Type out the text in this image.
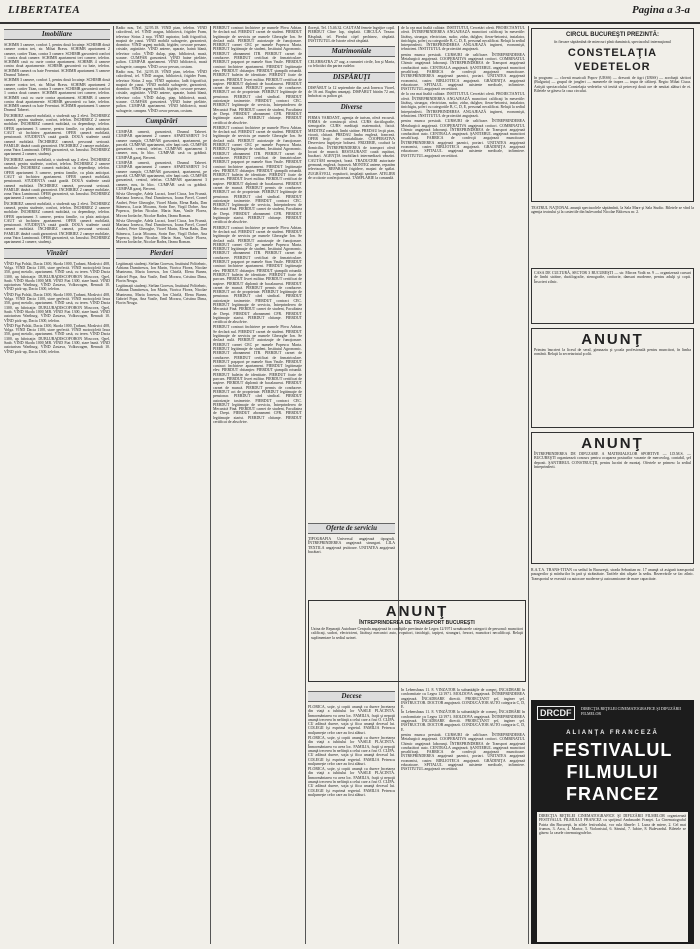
LIBERTATEA	Pagina a 3-a
Imobiliare

SCHIMB 3 camere, confort 1, pentru două locuinţe. SCHIMB două camere contra trei, str. Mihai Bravu. SCHIMB apartament 2 camere, cartier Titan, contra 3 camere. SCHIMB garsonieră confort 1 contra două camere. SCHIMB apartament trei camere, telefon. SCHIMB casă cu curte contra apartament. SCHIMB 4 camere contra două apartamente. SCHIMB garsonieră cu baie, telefon. SCHIMB cameră cu baie Ferentari. SCHIMB apartament 3 camere Drumul Taberei.

SCHIMB 3 camere, confort 1, pentru două locuinţe. SCHIMB două camere contra trei, str. Mihai Bravu. SCHIMB apartament 2 camere, cartier Titan, contra 3 camere. SCHIMB garsonieră confort 1 contra două camere. SCHIMB apartament trei camere, telefon. SCHIMB casă cu curte contra apartament. SCHIMB 4 camere contra două apartamente. SCHIMB garsonieră cu baie, telefon. SCHIMB cameră cu baie Ferentari. SCHIMB apartament 3 camere Drumul Taberei.

ÎNCHIRIEZ cameră mobilată, o studentă sau 2 elevi. ÎNCHIRIEZ cameră, pentru studente, confort, telefon. ÎNCHIRIEZ 2 camere mobilate. ÎNCHIRIEZ cameră mobilată, cu dependinţe, telefon. OFER apartament 3 camere, pentru familie, cu plata anticipat. CAUT să închiriez apartament. OFER cameră mobilată, pensionară. STUDENTĂ caută gazdă. DOUĂ studente caută cameră mobilată. ÎNCHIRIEZ cameră, persoană serioasă. FAMILIE tânără caută garsonieră. INCHIRIEZ 2 camere mobilate, zona Vatra Luminoasă. OFER garsonieră, str. Iancului. ÎNCHIRIEZ apartament 2 camere, studenţi.

ÎNCHIRIEZ cameră mobilată, o studentă sau 2 elevi. ÎNCHIRIEZ cameră, pentru studente, confort, telefon. ÎNCHIRIEZ 2 camere mobilate. ÎNCHIRIEZ cameră mobilată, cu dependinţe, telefon. OFER apartament 3 camere, pentru familie, cu plata anticipat. CAUT să închiriez apartament. OFER cameră mobilată, pensionară. STUDENTĂ caută gazdă. DOUĂ studente caută cameră mobilată. ÎNCHIRIEZ cameră, persoană serioasă. FAMILIE tânără caută garsonieră. INCHIRIEZ 2 camere mobilate, zona Vatra Luminoasă. OFER garsonieră, str. Iancului. ÎNCHIRIEZ apartament 2 camere, studenţi.

ÎNCHIRIEZ cameră mobilată, o studentă sau 2 elevi. ÎNCHIRIEZ cameră, pentru studente, confort, telefon. ÎNCHIRIEZ 2 camere mobilate. ÎNCHIRIEZ cameră mobilată, cu dependinţe, telefon. OFER apartament 3 camere, pentru familie, cu plata anticipat. CAUT să închiriez apartament. OFER cameră mobilată, pensionară. STUDENTĂ caută gazdă. DOUĂ studente caută cameră mobilată. ÎNCHIRIEZ cameră, persoană serioasă. FAMILIE tânără caută garsonieră. INCHIRIEZ 2 camere mobilate, zona Vatra Luminoasă. OFER garsonieră, str. Iancului. ÎNCHIRIEZ apartament 2 camere, studenţi.

Vînzări

VÎND Fiat Polski, Dacia 1300, Skoda 1000, Trabant, Moskvici 408, Volga. VÎND Dacia 1100, stare perfectă. VÎND motocicletă Iawa 350, garaj metalic, apartament. VÎND casă, cu teren. VÎND Dacia 1300, an fabricaţie. DUBLURADISCOFORON Moscova, Opel, Saab. VÎND Skoda 1000 MB. VÎND Fiat 1300, stare bună. VÎND autoturism Wartburg. VÎND Zastava, Volkswagen, Renault 10. VÎND pick-up, Dacia 1300, telefon.

VÎND Fiat Polski, Dacia 1300, Skoda 1000, Trabant, Moskvici 408, Volga. VÎND Dacia 1100, stare perfectă. VÎND motocicletă Iawa 350, garaj metalic, apartament. VÎND casă, cu teren. VÎND Dacia 1300, an fabricaţie. DUBLURADISCOFORON Moscova, Opel, Saab. VÎND Skoda 1000 MB. VÎND Fiat 1300, stare bună. VÎND autoturism Wartburg. VÎND Zastava, Volkswagen, Renault 10. VÎND pick-up, Dacia 1300, telefon.

VÎND Fiat Polski, Dacia 1300, Skoda 1000, Trabant, Moskvici 408, Volga. VÎND Dacia 1100, stare perfectă. VÎND motocicletă Iawa 350, garaj metalic, apartament. VÎND casă, cu teren. VÎND Dacia 1300, an fabricaţie. DUBLURADISCOFORON Moscova, Opel, Saab. VÎND Skoda 1000 MB. VÎND Fiat 1300, stare bună. VÎND autoturism Wartburg. VÎND Zastava, Volkswagen, Renault 10. VÎND pick-up, Dacia 1300, telefon.

Radio nou, Tel. 32.95.18. VÎND pian, telefon. VÎND caloriferul, tel. VÎND aragaz, bibliotecă, frigider Fram, televizor Sirius 2 nou. VÎND aspirator, ladă frigorifică, maşină de cusut. VÎND mobilă sufragerie, garsonieră, dormitor. VÎND urgent mobilă, frigider, covoare persane, cristale, argintărie. VÎND antene, aparate, haină blană, televizor color. VÎND dulap, pian, bibliotecă, masă, scaune. CUMPĂR garsonieră. VÎND haine pielărie, palton. CUMPĂR apartament. VÎND bibliotecă, masă sufragerie, canapea. VÎND covor persan, costum.

Radio nou, Tel. 32.95.18. VÎND pian, telefon. VÎND caloriferul, tel. VÎND aragaz, bibliotecă, frigider Fram, televizor Sirius 2 nou. VÎND aspirator, ladă frigorifică, maşină de cusut. VÎND mobilă sufragerie, garsonieră, dormitor. VÎND urgent mobilă, frigider, covoare persane, cristale, argintărie. VÎND antene, aparate, haină blană, televizor color. VÎND dulap, pian, bibliotecă, masă, scaune. CUMPĂR garsonieră. VÎND haine pielărie, palton. CUMPĂR apartament. VÎND bibliotecă, masă sufragerie, canapea. VÎND covor persan, costum.

Cumpărări

CUMPĂR cameră, garsonieră, Drumul Taberei. CUMPĂR apartament 2 camere. APARTAMENT 3-4 camere cumpăr. CUMPĂR garsonieră, apartament, pe parcelă. CUMPĂR apartament, ofer bani cash. CUMPĂR garsonieră, central, telefon. CUMPĂR apartament 3 camere, nou, în bloc. CUMPĂR casă cu grădină. CUMPĂR garaj, Berceni.

CUMPĂR cameră, garsonieră, Drumul Taberei. CUMPĂR apartament 2 camere. APARTAMENT 3-4 camere cumpăr. CUMPĂR garsonieră, apartament, pe parcelă. CUMPĂR apartament, ofer bani cash. CUMPĂR garsonieră, central, telefon. CUMPĂR apartament 3 camere, nou, în bloc. CUMPĂR casă cu grădină. CUMPĂR garaj, Berceni.

Silvia Gheorghe, Adela Lucaci, Ionel Ciuca, Ion Frunză, Mariana Ionescu, Paul Dumitrescu, Ioana Pavel, Cornel Andrei, Petre Gheorghe, Viorel Marin, Elena Radu, Dan Stănescu, Lucia Mocanu, Sorin Ene, Virgil Dobre, Ana Popescu, Ştefan Niculae, Maria Stan, Vasile Florea, Mircea Iordache, Nicolae Badea, Ileana Roman.

Silvia Gheorghe, Adela Lucaci, Ionel Ciuca, Ion Frunză, Mariana Ionescu, Paul Dumitrescu, Ioana Pavel, Cornel Andrei, Petre Gheorghe, Viorel Marin, Elena Radu, Dan Stănescu, Lucia Mocanu, Sorin Ene, Virgil Dobre, Ana Popescu, Ştefan Niculae, Maria Stan, Vasile Florea, Mircea Iordache, Nicolae Badea, Ileana Roman.

Pierderi

Legitimaţii studenţi. Stelian Gorescu, Institutul Politehnic, Adriana Dumitrescu, Ion Marin, Viorica Florea, Nicolae Munteanu, Maria Ionescu, Ion Chirilă, Elena Bunea, Gabriel Popa, Ana Vasile, Emil Moraru, Cristina Dima, Florin Neagu.

Legitimaţii studenţi. Stelian Gorescu, Institutul Politehnic, Adriana Dumitrescu, Ion Marin, Viorica Florea, Nicolae Munteanu, Maria Ionescu, Ion Chirilă, Elena Bunea, Gabriel Popa, Ana Vasile, Emil Moraru, Cristina Dima, Florin Neagu.

PIERDUT contract închiriere pe numele Pîrvu Adrian. Se declară nul. PIERDUT carnet de student. PIERDUT legitimaţie de serviciu pe numele Gheorghe Ion. Se declară nulă. PIERDUT autorizaţie de funcţionare. PIERDUT carnet CEC pe numele Popescu Maria. PIERDUT legitimaţie de student, Institutul Agronomic. PIERDUT abonament ITB. PIERDUT carnet de conducere. PIERDUT certificat de înmatriculare. PIERDUT paşaport pe numele Stan Vasile. PIERDUT contract închiriere apartament. PIERDUT legitimaţie elev. PIERDUT chitanţier. PIERDUT ştampilă rotundă. PIERDUT buletin de identitate. PIERDUT foaie de parcurs. PIERDUT livret militar. PIERDUT certificat de naştere. PIERDUT diplomă de bacalaureat. PIERDUT carnet de muncă. PIERDUT permis de conducere. PIERDUT act de proprietate. PIERDUT legitimaţie de pensionar. PIERDUT cârd sindical. PIERDUT autorizaţie taximetrie. PIERDUT contract CEC. PIERDUT legitimaţie de serviciu, Întreprinderea de Mecanică Fină. PIERDUT carnet de student, Facultatea de Drept. PIERDUT abonament CFR. PIERDUT legitimaţie ziarist. PIERDUT chitanţe. PIERDUT certificat de absolvire.

PIERDUT contract închiriere pe numele Pîrvu Adrian. Se declară nul. PIERDUT carnet de student. PIERDUT legitimaţie de serviciu pe numele Gheorghe Ion. Se declară nulă. PIERDUT autorizaţie de funcţionare. PIERDUT carnet CEC pe numele Popescu Maria. PIERDUT legitimaţie de student, Institutul Agronomic. PIERDUT abonament ITB. PIERDUT carnet de conducere. PIERDUT certificat de înmatriculare. PIERDUT paşaport pe numele Stan Vasile. PIERDUT contract închiriere apartament. PIERDUT legitimaţie elev. PIERDUT chitanţier. PIERDUT ştampilă rotundă. PIERDUT buletin de identitate. PIERDUT foaie de parcurs. PIERDUT livret militar. PIERDUT certificat de naştere. PIERDUT diplomă de bacalaureat. PIERDUT carnet de muncă. PIERDUT permis de conducere. PIERDUT act de proprietate. PIERDUT legitimaţie de pensionar. PIERDUT cârd sindical. PIERDUT autorizaţie taximetrie. PIERDUT contract CEC. PIERDUT legitimaţie de serviciu, Întreprinderea de Mecanică Fină. PIERDUT carnet de student, Facultatea de Drept. PIERDUT abonament CFR. PIERDUT legitimaţie ziarist. PIERDUT chitanţe. PIERDUT certificat de absolvire.

PIERDUT contract închiriere pe numele Pîrvu Adrian. Se declară nul. PIERDUT carnet de student. PIERDUT legitimaţie de serviciu pe numele Gheorghe Ion. Se declară nulă. PIERDUT autorizaţie de funcţionare. PIERDUT carnet CEC pe numele Popescu Maria. PIERDUT legitimaţie de student, Institutul Agronomic. PIERDUT abonament ITB. PIERDUT carnet de conducere. PIERDUT certificat de înmatriculare. PIERDUT paşaport pe numele Stan Vasile. PIERDUT contract închiriere apartament. PIERDUT legitimaţie elev. PIERDUT chitanţier. PIERDUT ştampilă rotundă. PIERDUT buletin de identitate. PIERDUT foaie de parcurs. PIERDUT livret militar. PIERDUT certificat de naştere. PIERDUT diplomă de bacalaureat. PIERDUT carnet de muncă. PIERDUT permis de conducere. PIERDUT act de proprietate. PIERDUT legitimaţie de pensionar. PIERDUT cârd sindical. PIERDUT autorizaţie taximetrie. PIERDUT contract CEC. PIERDUT legitimaţie de serviciu, Întreprinderea de Mecanică Fină. PIERDUT carnet de student, Facultatea de Drept. PIERDUT abonament CFR. PIERDUT legitimaţie ziarist. PIERDUT chitanţe. PIERDUT certificat de absolvire.

PIERDUT contract închiriere pe numele Pîrvu Adrian. Se declară nul. PIERDUT carnet de student. PIERDUT legitimaţie de serviciu pe numele Gheorghe Ion. Se declară nulă. PIERDUT autorizaţie de funcţionare. PIERDUT carnet CEC pe numele Popescu Maria. PIERDUT legitimaţie de student, Institutul Agronomic. PIERDUT abonament ITB. PIERDUT carnet de conducere. PIERDUT certificat de înmatriculare. PIERDUT paşaport pe numele Stan Vasile. PIERDUT contract închiriere apartament. PIERDUT legitimaţie elev. PIERDUT chitanţier. PIERDUT ştampilă rotundă. PIERDUT buletin de identitate. PIERDUT foaie de parcurs. PIERDUT livret militar. PIERDUT certificat de naştere. PIERDUT diplomă de bacalaureat. PIERDUT carnet de muncă. PIERDUT permis de conducere. PIERDUT act de proprietate. PIERDUT legitimaţie de pensionar. PIERDUT cârd sindical. PIERDUT autorizaţie taximetrie. PIERDUT contract CEC. PIERDUT legitimaţie de serviciu, Întreprinderea de Mecanică Fină. PIERDUT carnet de student, Facultatea de Drept. PIERDUT abonament CFR. PIERDUT legitimaţie ziarist. PIERDUT chitanţe. PIERDUT certificat de absolvire.

floreşti, Tel. 15.46.32. CAUTĂM femeie îngrijire copil. PIERDUT Cîine lup, răsplată. CIRCULA Tezaur. Răsplată, tel. Pierdut căţel pechinez, răsplată. INSTITUTUL de Istorie oferă răsplată.

Matrimoniale

CELEBRATRA 27 aug. a cununiei civile, Ion şi Maria, cu felicitări din partea rudelor.

DISPĂRUŢI

DISPĂRUT la 12 septembrie din casă Ionescu Viorel, de 16 ani. Rugăm anunţaţi. DISPĂRUT bătrân 72 ani, îmbrăcat cu palton gri.

Diverse

FIRMA VARDANT, agenţia de turism, oferă excursii. FIRMA de construcţii oferă. CURS dactilografie, stenografie. CURS meditaţii matematică, fizică. MEDITEZ română, limbi străine. PREDAU lecţii pian, vioară, chitară. PREDAU limba engleză, franceză. OFER lecţii de contabilitate. COOPERATIVA Deservirea îngrijeşte bolnavi. FRIZERIE, coafură la domiciliu. ÎNTREPRINDEREA de transport oferă locuri de muncă. RESTAURANT caută ospătari, bucătari. AGENŢIA imobiliară intermediază vânzări. CAUTĂM menajeră, bonă. TRADUCERI autorizate germană, engleză, franceză. MONTEZ antene, reparăm televizoare. REPARĂM frigidere, maşini de spălat. ZUGRĂVELI, vopsitorii, instalaţii sanitare. ATELIER de croitorie confecţionează. TÂMPLĂRIE la comandă.

ANUNŢ
ÎNTREPRINDEREA DE TRANSPORT BUCUREŞTI

Uzina de Reparaţii Autobuze Cenţrala angajează în condiţiile prevăzute de Legea 12/1971 următoarele categorii de personal: muncitori calificaţi, sudori, electricieni, lăcătuşi mecanici auto, vopsitori, tinichigii, tapiţeri, strungari, frezori, muncitori necalificaţi. Relaţii suplimentare la sediul uzinei.

Decese

FLORICA, soţie, şi copiii anunţă cu durere încetarea din viaţă a iubitului lor VASILE PLĂCINTĂ. Înmormântarea va avea loc. FAMILIA, fraţii şi nepoţii anunţă trecerea în nefiinţă a celui care a fost O. CLIPA. CU adâncă durere, soţia şi fiica anunţă decesul lui. COLEGII îşi exprimă regretul. FAMILIA Petrescu mulţumeşte celor care au fost alături.

FLORICA, soţie, şi copiii anunţă cu durere încetarea din viaţă a iubitului lor VASILE PLĂCINTĂ. Înmormântarea va avea loc. FAMILIA, fraţii şi nepoţii anunţă trecerea în nefiinţă a celui care a fost O. CLIPA. CU adâncă durere, soţia şi fiica anunţă decesul lui. COLEGII îşi exprimă regretul. FAMILIA Petrescu mulţumeşte celor care au fost alături.

FLORICA, soţie, şi copiii anunţă cu durere încetarea din viaţă a iubitului lor VASILE PLĂCINTĂ. Înmormântarea va avea loc. FAMILIA, fraţii şi nepoţii anunţă trecerea în nefiinţă a celui care a fost O. CLIPA. CU adâncă durere, soţia şi fiica anunţă decesul lui. COLEGII îşi exprimă regretul. FAMILIA Petrescu mulţumeşte celor care au fost alături.

de la cea mai înaltă calitate. INSTITUTUL Cercetări oferă. PROIECTANTUL oferă. ÎNTREPRINDEREA ANGAJEAZĂ muncitori calificaţi în meseriile: lăcătuş, strungar, electrician, sudor, zidar, dulgher, fierar-betonist, instalator, tinichigiu, şoferi cu categoriile B, C, D, E, personal necalificat. Relaţii la sediul întreprinderii. ÎNTREPRINDEREA ANGAJEAZĂ ingineri, economişti, tehnicieni. INSTITUTUL de proiectări angajează.

pentru munca prestată. CURSURI de calificare. ÎNTREPRINDEREA Metalurgică angajează. COOPERATIVA angajează croitori. COMBINATUL Chimic angajează laboranţi. ÎNTREPRINDEREA de Transport angajează conducători auto. CENTRALA angajează. ŞANTIERUL angajează muncitori necalificaţi. FABRICA de confecţii angajează muncitoare. ÎNTREPRINDEREA angajează paznici, portari. UNITATEA angajează economist, casier. BIBLIOTECA angajează. GRĂDINIŢA angajează educatoare. SPITALUL angajează asistente medicale, infirmiere. INSTITUTUL angajează cercetători.

de la cea mai înaltă calitate. INSTITUTUL Cercetări oferă. PROIECTANTUL oferă. ÎNTREPRINDEREA ANGAJEAZĂ muncitori calificaţi în meseriile: lăcătuş, strungar, electrician, sudor, zidar, dulgher, fierar-betonist, instalator, tinichigiu, şoferi cu categoriile B, C, D, E, personal necalificat. Relaţii la sediul întreprinderii. ÎNTREPRINDEREA ANGAJEAZĂ ingineri, economişti, tehnicieni. INSTITUTUL de proiectări angajează.

pentru munca prestată. CURSURI de calificare. ÎNTREPRINDEREA Metalurgică angajează. COOPERATIVA angajează croitori. COMBINATUL Chimic angajează laboranţi. ÎNTREPRINDEREA de Transport angajează conducători auto. CENTRALA angajează. ŞANTIERUL angajează muncitori necalificaţi. FABRICA de confecţii angajează muncitoare. ÎNTREPRINDEREA angajează paznici, portari. UNITATEA angajează economist, casier. BIBLIOTECA angajează. GRĂDINIŢA angajează educatoare. SPITALUL angajează asistente medicale, infirmiere. INSTITUTUL angajează cercetători.

În Lebenshaus 11. 8. VINZĂTOR la subunităţile de comerţ. ÎNCADRĂRI în conformitate cu Legea 12/1971. MOLDOVA angajează. ÎNTREPRINDEREA angajează. ÎNCADRARE directă. PROIECTANT şef, inginer şef. INSTRUCTOR. DOCTOR angajează. CONDUCĂTOR AUTO categoria C, D, E.

În Lebenshaus 11. 8. VINZĂTOR la subunităţile de comerţ. ÎNCADRĂRI în conformitate cu Legea 12/1971. MOLDOVA angajează. ÎNTREPRINDEREA angajează. ÎNCADRARE directă. PROIECTANT şef, inginer şef. INSTRUCTOR. DOCTOR angajează. CONDUCĂTOR AUTO categoria C, D, E.

pentru munca prestată. CURSURI de calificare. ÎNTREPRINDEREA Metalurgică angajează. COOPERATIVA angajează croitori. COMBINATUL Chimic angajează laboranţi. ÎNTREPRINDEREA de Transport angajează conducători auto. CENTRALA angajează. ŞANTIERUL angajează muncitori necalificaţi. FABRICA de confecţii angajează muncitoare. ÎNTREPRINDEREA angajează paznici, portari. UNITATEA angajează economist, casier. BIBLIOTECA angajează. GRĂDINIŢA angajează educatoare. SPITALUL angajează asistente medicale, infirmiere. INSTITUTUL angajează cercetători.

Oferte de serviciu

TIPOGRAFIA Universul angajează tipografi. ÎNTREPRINDEREA angajează strungari. LILA TEXTILA angajează ţesătoare. UNITATEA angajează bucătari.

CIRCUL BUCUREŞTI PREZINTĂ:
în fiecare săptămînă de miercuri pînă duminică, spectacolul internaţional
CONSTELAŢIA VEDETELOR

în program: — clovnii muzicali Popov (URSS) — dresorii de tigri (URSS) — acrobaţii săritori (Bulgaria) — grupul de jongleri — numerele de trapez — trupa de călăreţi. Regia: Mihai Ciuca. Artiştii spectacolului Constelaţia vedetelor vă invită să petreceţi două ore de neuitat alături de ei. Biletele se găsesc la casa circului.

TEATRUL NAŢIONAL anunţă spectacolele săptămînii, la Sala Mare şi Sala Studio. Biletele se vînd la agenţia teatrului şi la casieriile din bulevardul Nicolae Bălcescu nr. 2.

CASA DE CULTURĂ, SECTOR 3 BUCUREŞTI — str. Mircea Vodă nr. 9 — organizează cursuri de limbi străine, dactilografie, stenografie, croitorie, dansuri moderne, pentru adulţi şi copii. Înscrieri zilnic.

ANUNŢ

Primim înscrieri la liceul de seral, gimnaziu şi şcoala profesională pentru muncitori, în limba română. Relaţii la secretariatul şcolii.

ANUNŢ

ÎNTREPRINDEREA DE DIFUZARE A MATERIALELOR SPORTIVE — I.D.M.S. — BUCUREŞTI organizează concurs pentru ocuparea posturilor vacante de merceolog, contabil, şef depozit. ŞANTIERUL CONSTRUCŢII, pentru lucrări de montaj. Ofertele se primesc la sediul întreprinderii.

R.A.T.A. TRANS-TITAN cu sediul în Bucureşti, strada Sebastian nr. 17 anunţă că asigură transportul pasagerilor şi mărfurilor în ţară şi străinătate. Tarifele sînt afişate la sediu. Rezervările se fac zilnic. Transportul se execută cu autocare moderne şi autocamioane de mare capacitate.

DRCDF	DIRECŢIA REŢELEI CINEMATOGRAFICE ŞI DIFUZĂRII FILMELOR
ALIANŢA FRANCEZĂ
FESTIVALUL
FILMULUI
FRANCEZ
DIRECŢIA REŢELEI CINEMATOGRAFICE ŞI DIFUZĂRII FILMELOR organizează FESTIVALUL FILMULUI FRANCEZ cu sprijinul Ambasadei Franţei. La Cinematograful Patria din Bucureşti, în zilele festivalului, vor rula filmele: 1. Luna de miere, 2. Cel mai frumos, 3. Arca, 4. Martor, 5. Violonistul, 6. Sărutul, 7. Iubire, 8. Bulevardul. Biletele se găsesc la casele cinematografelor.
